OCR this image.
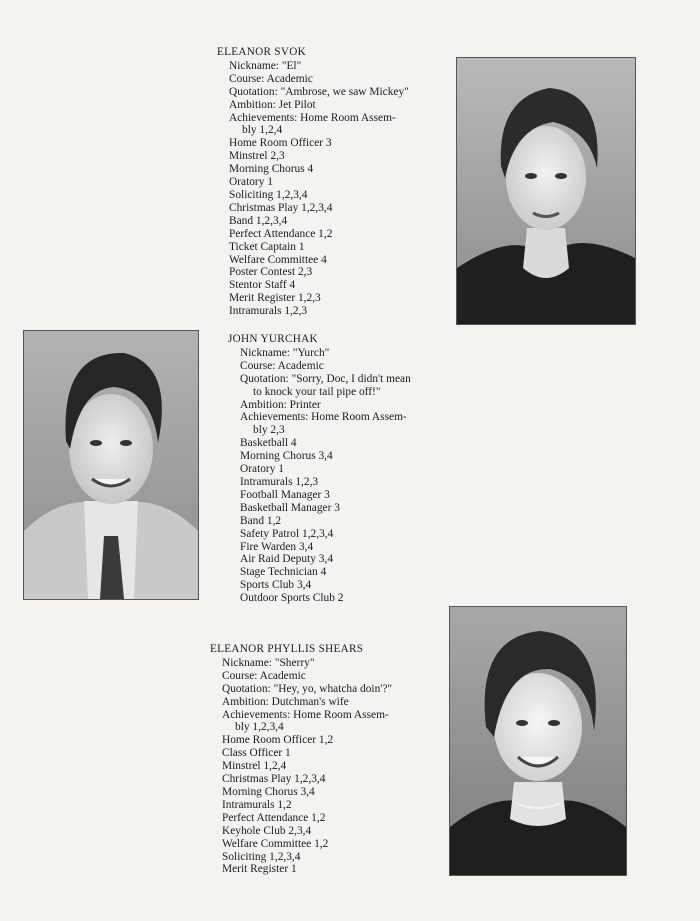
ELEANOR SVOK
Nickname: "El"
Course: Academic
Quotation: "Ambrose, we saw Mickey"
Ambition: Jet Pilot
Achievements: Home Room Assem-
bly 1,2,4
Home Room Officer 3
Minstrel 2,3
Morning Chorus 4
Oratory 1
Soliciting 1,2,3,4
Christmas Play 1,2,3,4
Band 1,2,3,4
Perfect Attendance 1,2
Ticket Captain 1
Welfare Committee 4
Poster Contest 2,3
Stentor Staff 4
Merit Register 1,2,3
Intramurals 1,2,3
JOHN YURCHAK
Nickname: "Yurch"
Course: Academic
Quotation: "Sorry, Doc, I didn't mean
to knock your tail pipe off!"
Ambition: Printer
Achievements: Home Room Assem-
bly 2,3
Basketball 4
Morning Chorus 3,4
Oratory 1
Intramurals 1,2,3
Football Manager 3
Basketball Manager 3
Band 1,2
Safety Patrol 1,2,3,4
Fire Warden 3,4
Air Raid Deputy 3,4
Stage Technician 4
Sports Club 3,4
Outdoor Sports Club 2
ELEANOR PHYLLIS SHEARS
Nickname: "Sherry"
Course: Academic
Quotation: "Hey, yo, whatcha doin'?"
Ambition: Dutchman's wife
Achievements: Home Room Assem-
bly 1,2,3,4
Home Room Officer 1,2
Class Officer 1
Minstrel 1,2,4
Christmas Play 1,2,3,4
Morning Chorus 3,4
Intramurals 1,2
Perfect Attendance 1,2
Keyhole Club 2,3,4
Welfare Committee 1,2
Soliciting 1,2,3,4
Merit Register 1
